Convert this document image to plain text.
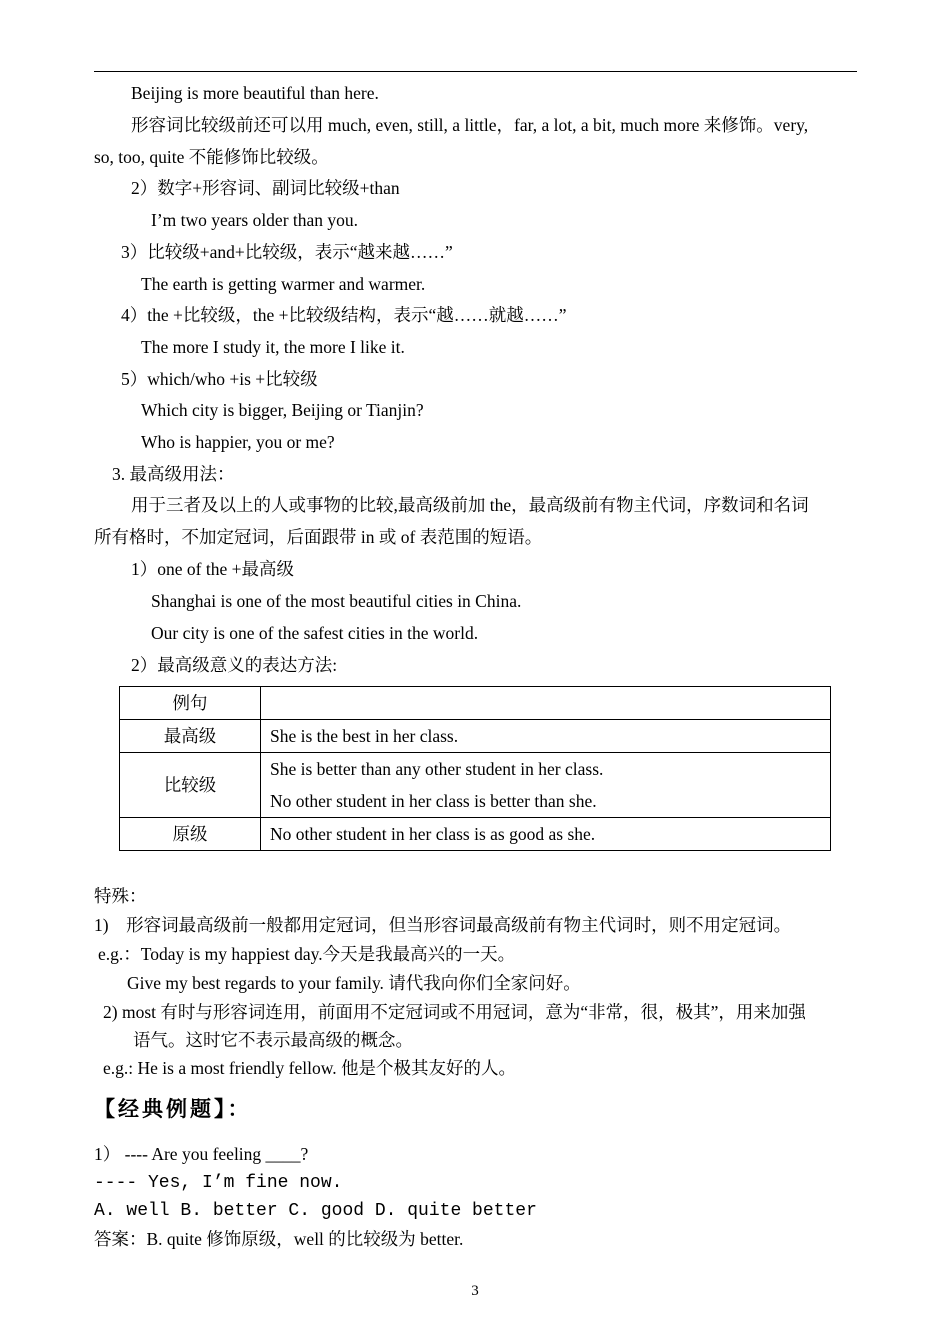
Beijing is more beautiful than here.
形容词比较级前还可以用 much, even, still, a little，far, a lot, a bit, much more 来修饰。very,
so, too, quite 不能修饰比较级。
2）数字+形容词、副词比较级+than
I’m two years older than you.
3）比较级+and+比较级，表示“越来越……”
The earth is getting warmer and warmer.
4）the +比较级，the +比较级结构，表示“越……就越……”
The more I study it, the more I like it.
5）which/who +is +比较级
Which city is bigger, Beijing or Tianjin?
Who is happier, you or me?
3. 最高级用法：
用于三者及以上的人或事物的比较,最高级前加 the，最高级前有物主代词，序数词和名词
所有格时，不加定冠词，后面跟带 in 或 of 表范围的短语。
1）one of the +最高级
Shanghai is one of the most beautiful cities in China.
Our city is one of the safest cities in the world.
2）最高级意义的表达方法:
例句	
最高级	She is the best in her class.
比较级	She is better than any other student in her class.
No other student in her class is better than she.

原级	No other student in her class is as good as she.
特殊：
1)　形容词最高级前一般都用定冠词，但当形容词最高级前有物主代词时，则不用定冠词。
e.g.：Today is my happiest day.今天是我最高兴的一天。
Give my best regards to your family. 请代我向你们全家问好。
2) most 有时与形容词连用，前面用不定冠词或不用冠词，意为“非常，很，极其”，用来加强
语气。这时它不表示最高级的概念。
e.g.: He is a most friendly fellow. 他是个极其友好的人。
【经典例题】：
1） ---- Are you feeling ____?
---- Yes, I’m fine now.
A. well B. better C. good D. quite better
答案：B. quite 修饰原级，well 的比较级为 better.
3
